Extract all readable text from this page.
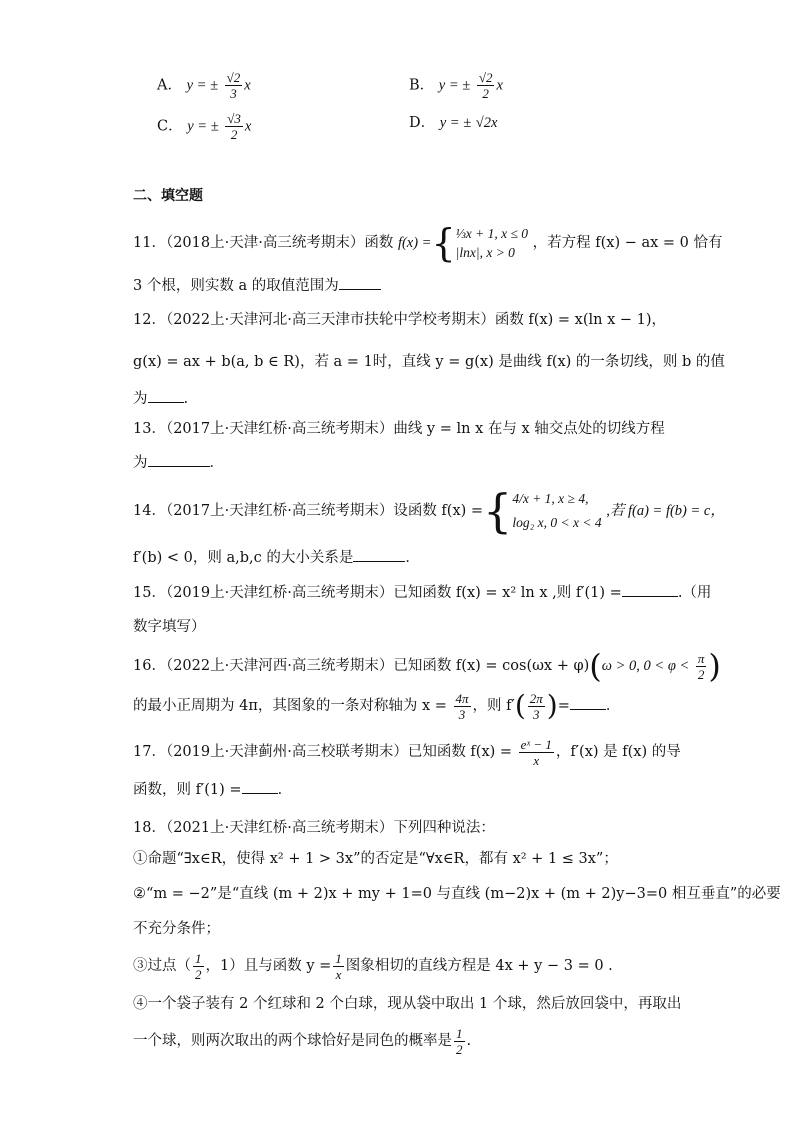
A． y = ± $\frac{√2}{3}$ x	B． y = ± $\frac{√2}{2}$ x
C． y = ± $\frac{√3}{2}$ x	D． y = ± √2x
二、填空题
11．（2018上·天津·高三统考期末）函数 f(x) ={ ⅓x + 1, x ≤ 0
|lnx|, x > 0
，若方程 f(x) − ax = 0 恰有
3 个根，则实数 a 的取值范围为
12．（2022上·天津河北·高三天津市扶轮中学校考期末）函数 f(x) = x(ln x − 1)，
g(x) = ax + b(a, b ∈ R)，若 a = 1时，直线 y = g(x) 是曲线 f(x) 的一条切线，则 b 的值
为 .
13．（2017上·天津红桥·高三统考期末）曲线 y = ln x 在与 x 轴交点处的切线方程
为	．
14．（2017上·天津红桥·高三统考期末）设函数 f(x) ={ 4/x + 1, x ≥ 4,
log₂ x, 0 < x < 4
,若 f(a) = f(b) = c，
f′(b) < 0，则 a,b,c 的大小关系是	．
15．（2019上·天津红桥·高三统考期末）已知函数 f(x) = x² ln x ,则 f′(1) =	.（用
数字填写）
16．（2022上·天津河西·高三统考期末）已知函数 f(x) = cos(ωx + φ)(ω > 0, $0 < \varphi < \frac{\pi}{2}$ )
的最小正周期为 4π，其图象的一条对称轴为 $x = \frac{4\pi}{3}$ ，则 $f'( \frac{2\pi}{3}$ )= ．
17．（2019上·天津蓟州·高三校联考期末）已知函数 $f(x) = \frac{\text{eˣ − 1}}{x}$ ，f′(x) 是 f(x) 的导
函数，则 f′(1) = ．
18．（2021上·天津红桥·高三统考期末）下列四种说法：
①命题“∃x∈R，使得 x² + 1 > 3x”的否定是“∀x∈R，都有 x² + 1 ≤ 3x”；
②“m = −2”是“直线 (m + 2)x + my + 1=0 与直线 (m−2)x + (m + 2)y−3=0 相互垂直”的必要
不充分条件；
③过点（ $\frac{1}{2}$ ，1）且与函数 $y = \frac{1}{x}$ 图象相切的直线方程是 4x + y − 3 = 0 .
④一个袋子装有 2 个红球和 2 个白球，现从袋中取出 1 个球，然后放回袋中，再取出
一个球，则两次取出的两个球恰好是同色的概率是 $\frac{1}{2}$ .
